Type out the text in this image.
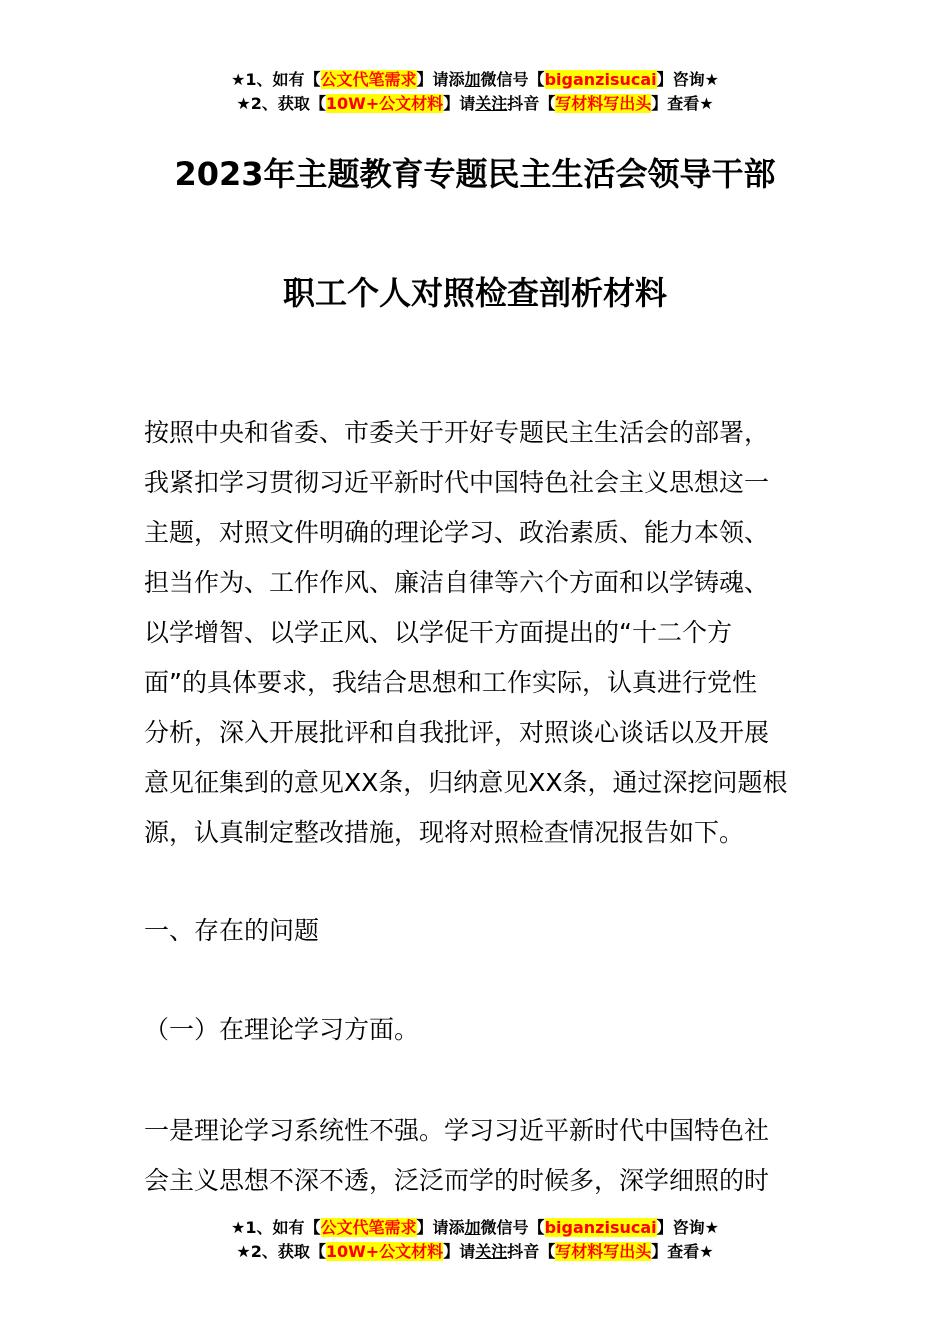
★1、如有【公文代笔需求】请添加微信号【biganzisucai】咨询★
★2、获取【10W+公文材料】请关注抖音【写材料写出头】查看★
2023年主题教育专题民主生活会领导干部
职工个人对照检查剖析材料

按照中央和省委、市委关于开好专题民主生活会的部署，

我紧扣学习贯彻习近平新时代中国特色社会主义思想这一

主题，对照文件明确的理论学习、政治素质、能力本领、

担当作为、工作作风、廉洁自律等六个方面和以学铸魂、

以学增智、以学正风、以学促干方面提出的“十二个方

面”的具体要求，我结合思想和工作实际，认真进行党性

分析，深入开展批评和自我批评，对照谈心谈话以及开展

意见征集到的意见XX条，归纳意见XX条，通过深挖问题根

源，认真制定整改措施，现将对照检查情况报告如下。

一、存在的问题
（一）在理论学习方面。

一是理论学习系统性不强。学习习近平新时代中国特色社

会主义思想不深不透，泛泛而学的时候多，深学细照的时

★1、如有【公文代笔需求】请添加微信号【biganzisucai】咨询★
★2、获取【10W+公文材料】请关注抖音【写材料写出头】查看★
